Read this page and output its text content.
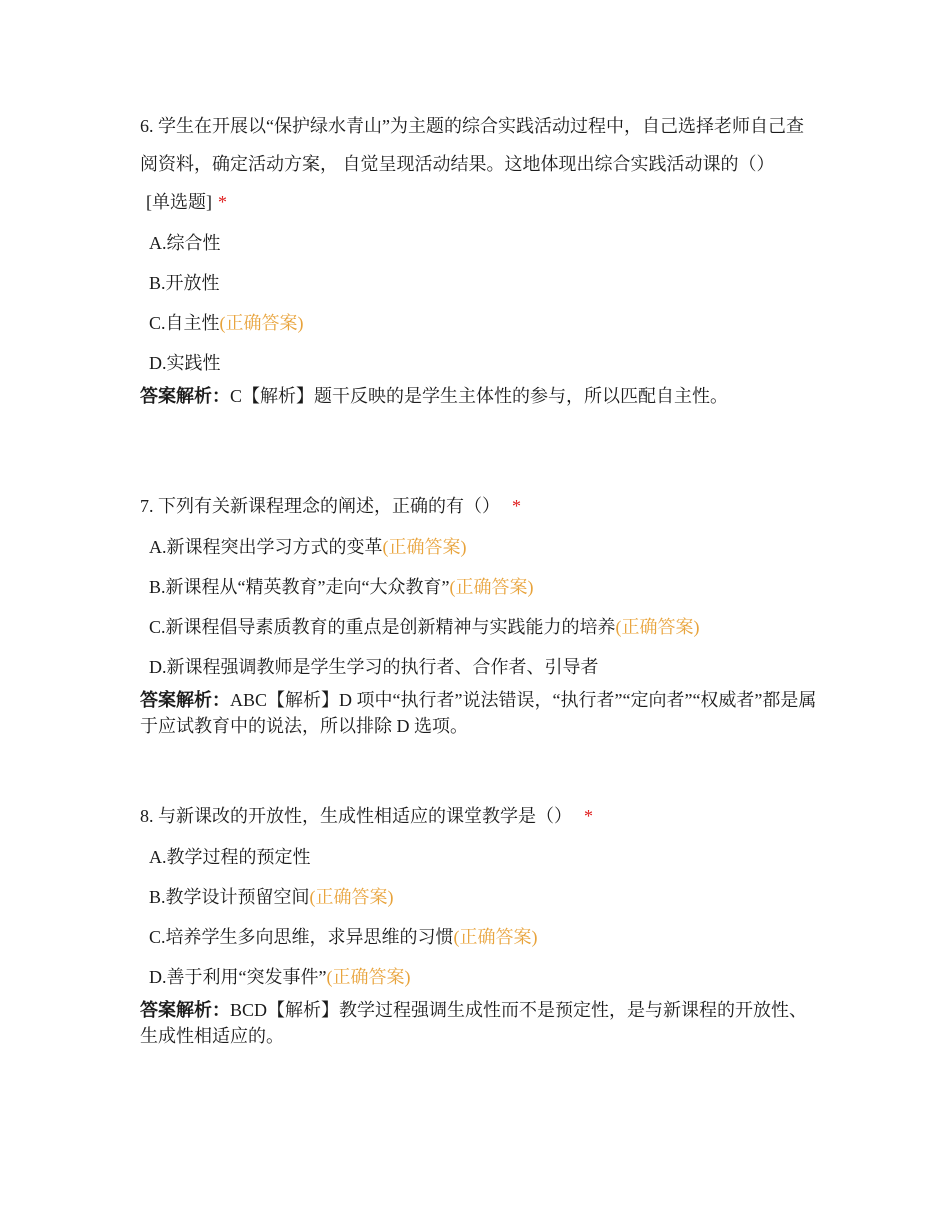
6. 学生在开展以“保护绿水青山”为主题的综合实践活动过程中，自己选择老师自己查阅资料，确定活动方案， 自觉呈现活动结果。这地体现出综合实践活动课的（）[单选题] *

A.综合性
B.开放性
C.自主性(正确答案)
D.实践性
答案解析：C【解析】题干反映的是学生主体性的参与，所以匹配自主性。

7. 下列有关新课程理念的阐述，正确的有（） *

A.新课程突出学习方式的变革(正确答案)
B.新课程从“精英教育”走向“大众教育”(正确答案)
C.新课程倡导素质教育的重点是创新精神与实践能力的培养(正确答案)
D.新课程强调教师是学生学习的执行者、合作者、引导者
答案解析：ABC【解析】D 项中“执行者”说法错误，“执行者”“定向者”“权威者”都是属于应试教育中的说法，所以排除 D 选项。

8. 与新课改的开放性，生成性相适应的课堂教学是（） *

A.教学过程的预定性
B.教学设计预留空间(正确答案)
C.培养学生多向思维，求异思维的习惯(正确答案)
D.善于利用“突发事件”(正确答案)
答案解析：BCD【解析】教学过程强调生成性而不是预定性，是与新课程的开放性、生成性相适应的。
